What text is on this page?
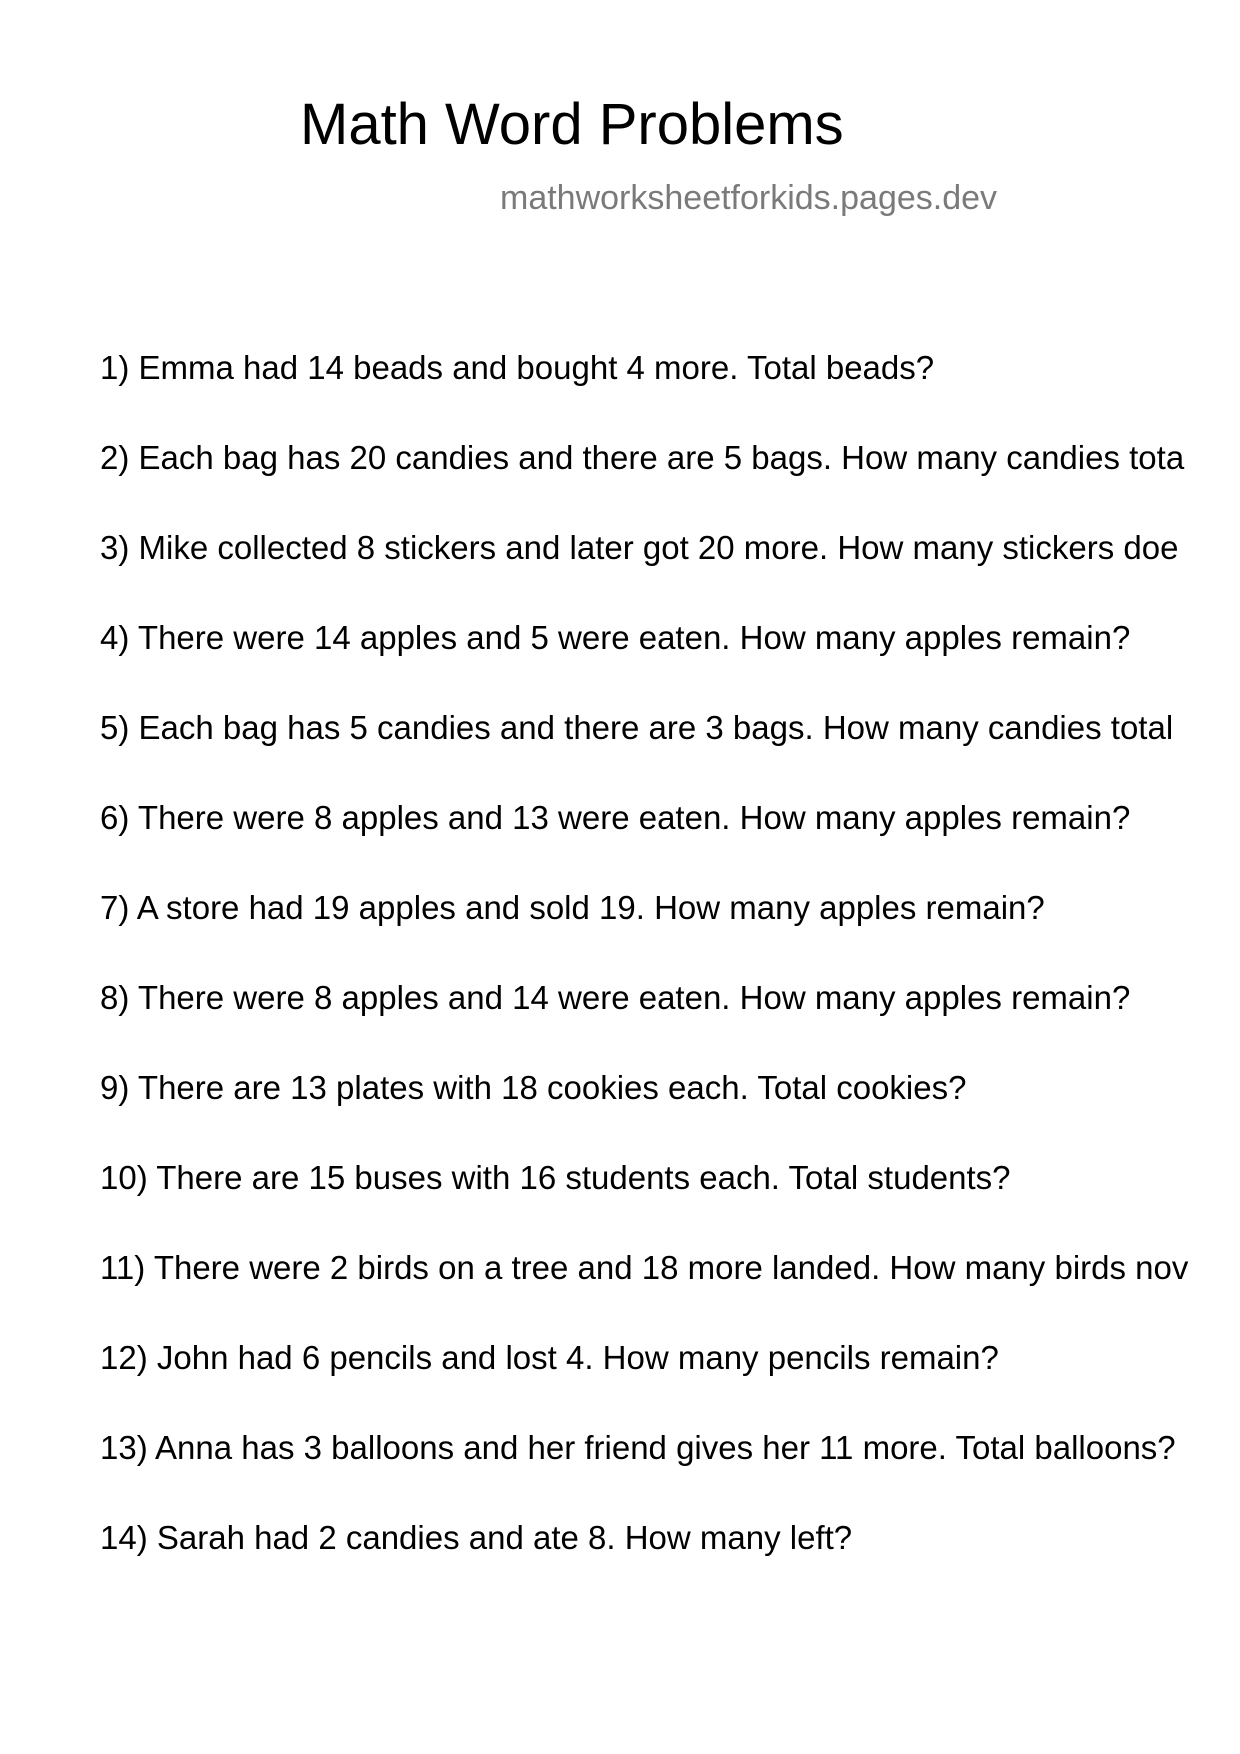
Math Word Problems
mathworksheetforkids.pages.dev
1) Emma had 14 beads and bought 4 more. Total beads?
2) Each bag has 20 candies and there are 5 bags. How many candies tota
3) Mike collected 8 stickers and later got 20 more. How many stickers doe
4) There were 14 apples and 5 were eaten. How many apples remain?
5) Each bag has 5 candies and there are 3 bags. How many candies total
6) There were 8 apples and 13 were eaten. How many apples remain?
7) A store had 19 apples and sold 19. How many apples remain?
8) There were 8 apples and 14 were eaten. How many apples remain?
9) There are 13 plates with 18 cookies each. Total cookies?
10) There are 15 buses with 16 students each. Total students?
11) There were 2 birds on a tree and 18 more landed. How many birds nov
12) John had 6 pencils and lost 4. How many pencils remain?
13) Anna has 3 balloons and her friend gives her 11 more. Total balloons?
14) Sarah had 2 candies and ate 8. How many left?
